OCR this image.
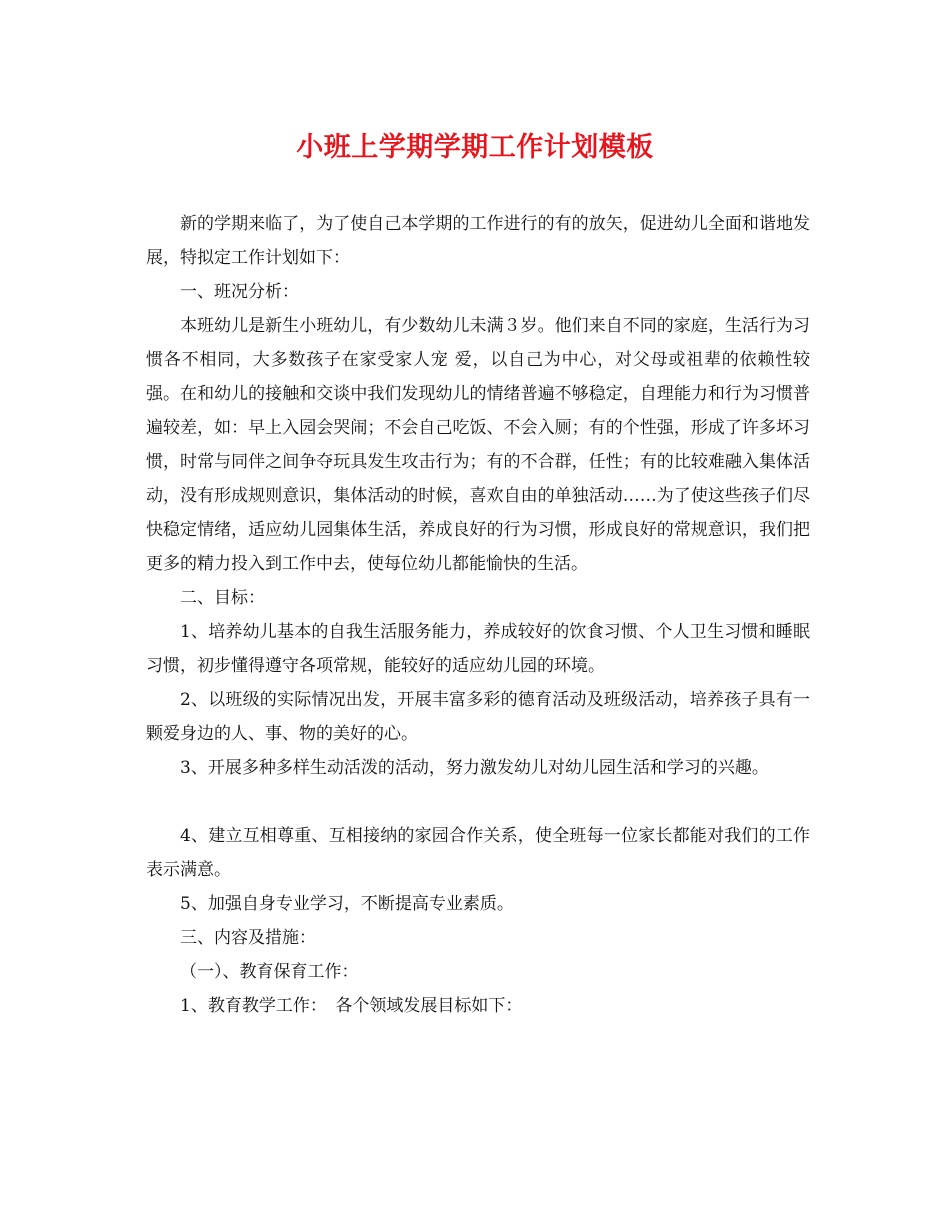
小班上学期学期工作计划模板

新的学期来临了，为了使自己本学期的工作进行的有的放矢，促进幼儿全面和谐地发展，特拟定工作计划如下：

一、班况分析：

本班幼儿是新生小班幼儿，有少数幼儿未满３岁。他们来自不同的家庭，生活行为习惯各不相同，大多数孩子在家受家人宠 爱，以自己为中心，对父母或祖辈的依赖性较强。在和幼儿的接触和交谈中我们发现幼儿的情绪普遍不够稳定，自理能力和行为习惯普遍较差，如：早上入园会哭闹；不会自己吃饭、不会入厕；有的个性强，形成了许多坏习惯，时常与同伴之间争夺玩具发生攻击行为；有的不合群，任性；有的比较难融入集体活动，没有形成规则意识，集体活动的时候，喜欢自由的单独活动……为了使这些孩子们尽快稳定情绪，适应幼儿园集体生活，养成良好的行为习惯，形成良好的常规意识，我们把更多的精力投入到工作中去，使每位幼儿都能愉快的生活。

二、目标：

1、培养幼儿基本的自我生活服务能力，养成较好的饮食习惯、个人卫生习惯和睡眠习惯，初步懂得遵守各项常规，能较好的适应幼儿园的环境。

2、以班级的实际情况出发，开展丰富多彩的德育活动及班级活动，培养孩子具有一颗爱身边的人、事、物的美好的心。

3、开展多种多样生动活泼的活动，努力激发幼儿对幼儿园生活和学习的兴趣。

4、建立互相尊重、互相接纳的家园合作关系，使全班每一位家长都能对我们的工作表示满意。

5、加强自身专业学习，不断提高专业素质。

三、内容及措施：

（一）、教育保育工作：

1、教育教学工作：　各个领域发展目标如下：
